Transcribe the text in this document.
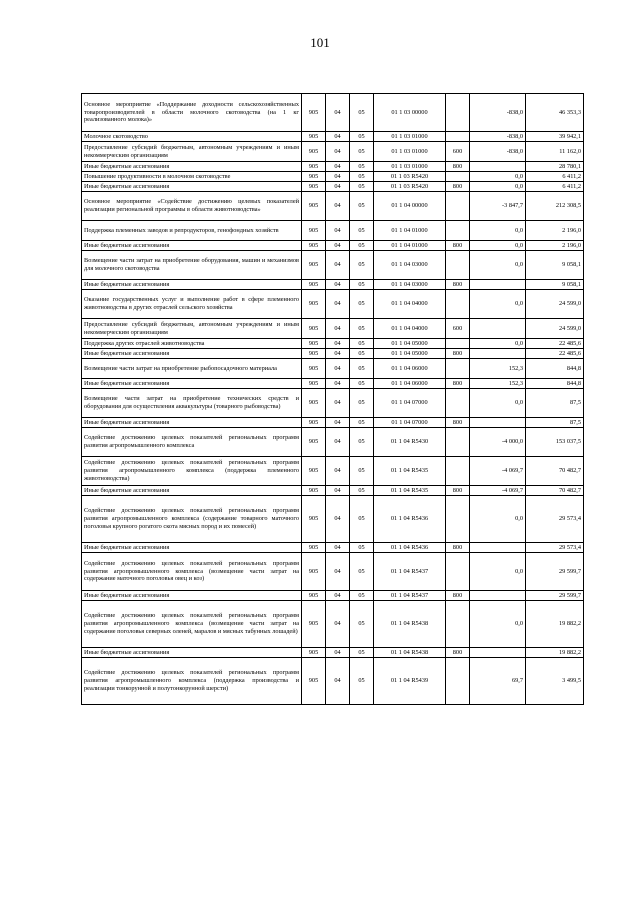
101
Основное мероприятие «Поддержание доходности сельскохозяйственных товаропроизводителей в области молочного скотоводства (на 1 кг реализованного молока)»	905	04	05	01 1 03 00000		-838,0	46 353,3
Молочное скотоводство	905	04	05	01 1 03 01000		-838,0	39 942,1
Предоставление субсидий бюджетным, автономным учреждениям и иным некоммерческим организациям	905	04	05	01 1 03 01000	600	-838,0	11 162,0
Иные бюджетные ассигнования	905	04	05	01 1 03 01000	800		28 780,1
Повышение продуктивности в молочном скотоводстве	905	04	05	01 1 03 R5420		0,0	6 411,2
Иные бюджетные ассигнования	905	04	05	01 1 03 R5420	800	0,0	6 411,2
Основное мероприятие «Содействие достижению целевых показателей реализации региональной программы в области животноводства»	905	04	05	01 1 04 00000		-3 847,7	212 308,5
Поддержка племенных заводов и репродукторов, генофондных хозяйств	905	04	05	01 1 04 01000		0,0	2 196,0
Иные бюджетные ассигнования	905	04	05	01 1 04 01000	800	0,0	2 196,0
Возмещение части затрат на приобретение оборудования, машин и механизмов для молочного скотоводства	905	04	05	01 1 04 03000		0,0	9 058,1
Иные бюджетные ассигнования	905	04	05	01 1 04 03000	800		9 058,1
Оказание государственных услуг и выполнение работ в сфере племенного животноводства в других отраслей сельского хозяйства	905	04	05	01 1 04 04000		0,0	24 599,0
Предоставление субсидий бюджетным, автономным учреждениям и иным некоммерческим организациям	905	04	05	01 1 04 04000	600		24 599,0
Поддержка других отраслей животноводства	905	04	05	01 1 04 05000		0,0	22 485,6
Иные бюджетные ассигнования	905	04	05	01 1 04 05000	800		22 485,6
Возмещение части затрат на приобретение рыбопосадочного материала	905	04	05	01 1 04 06000		152,3	844,8
Иные бюджетные ассигнования	905	04	05	01 1 04 06000	800	152,3	844,8
Возмещение части затрат на приобретение технических средств и оборудования для осуществления аквакультуры (товарного рыбоводства)	905	04	05	01 1 04 07000		0,0	87,5
Иные бюджетные ассигнования	905	04	05	01 1 04 07000	800		87,5
Содействие достижению целевых показателей региональных программ развития агропромышленного комплекса	905	04	05	01 1 04 R5430		-4 000,0	153 037,5
Содействие достижению целевых показателей региональных программ развития агропромышленного комплекса (поддержка племенного животноводства)	905	04	05	01 1 04 R5435		-4 069,7	70 482,7
Иные бюджетные ассигнования	905	04	05	01 1 04 R5435	800	-4 069,7	70 482,7
Содействие достижению целевых показателей региональных программ развития агропромышленного комплекса (содержание товарного маточного поголовья крупного рогатого скота мясных пород и их помесей)	905	04	05	01 1 04 R5436		0,0	29 573,4
Иные бюджетные ассигнования	905	04	05	01 1 04 R5436	800		29 573,4
Содействие достижению целевых показателей региональных программ развития агропромышленного комплекса (возмещение части затрат на содержание маточного поголовья овец и коз)	905	04	05	01 1 04 R5437		0,0	29 599,7
Иные бюджетные ассигнования	905	04	05	01 1 04 R5437	800		29 599,7
Содействие достижению целевых показателей региональных программ развития агропромышленного комплекса (возмещение части затрат на содержание поголовья северных оленей, маралов и мясных табунных лошадей)	905	04	05	01 1 04 R5438		0,0	19 882,2
Иные бюджетные ассигнования	905	04	05	01 1 04 R5438	800		19 882,2
Содействие достижению целевых показателей региональных программ развития агропромышленного комплекса (поддержка производства и реализации тонкорунной и полутонкорунной шерсти)	905	04	05	01 1 04 R5439		69,7	3 499,5
